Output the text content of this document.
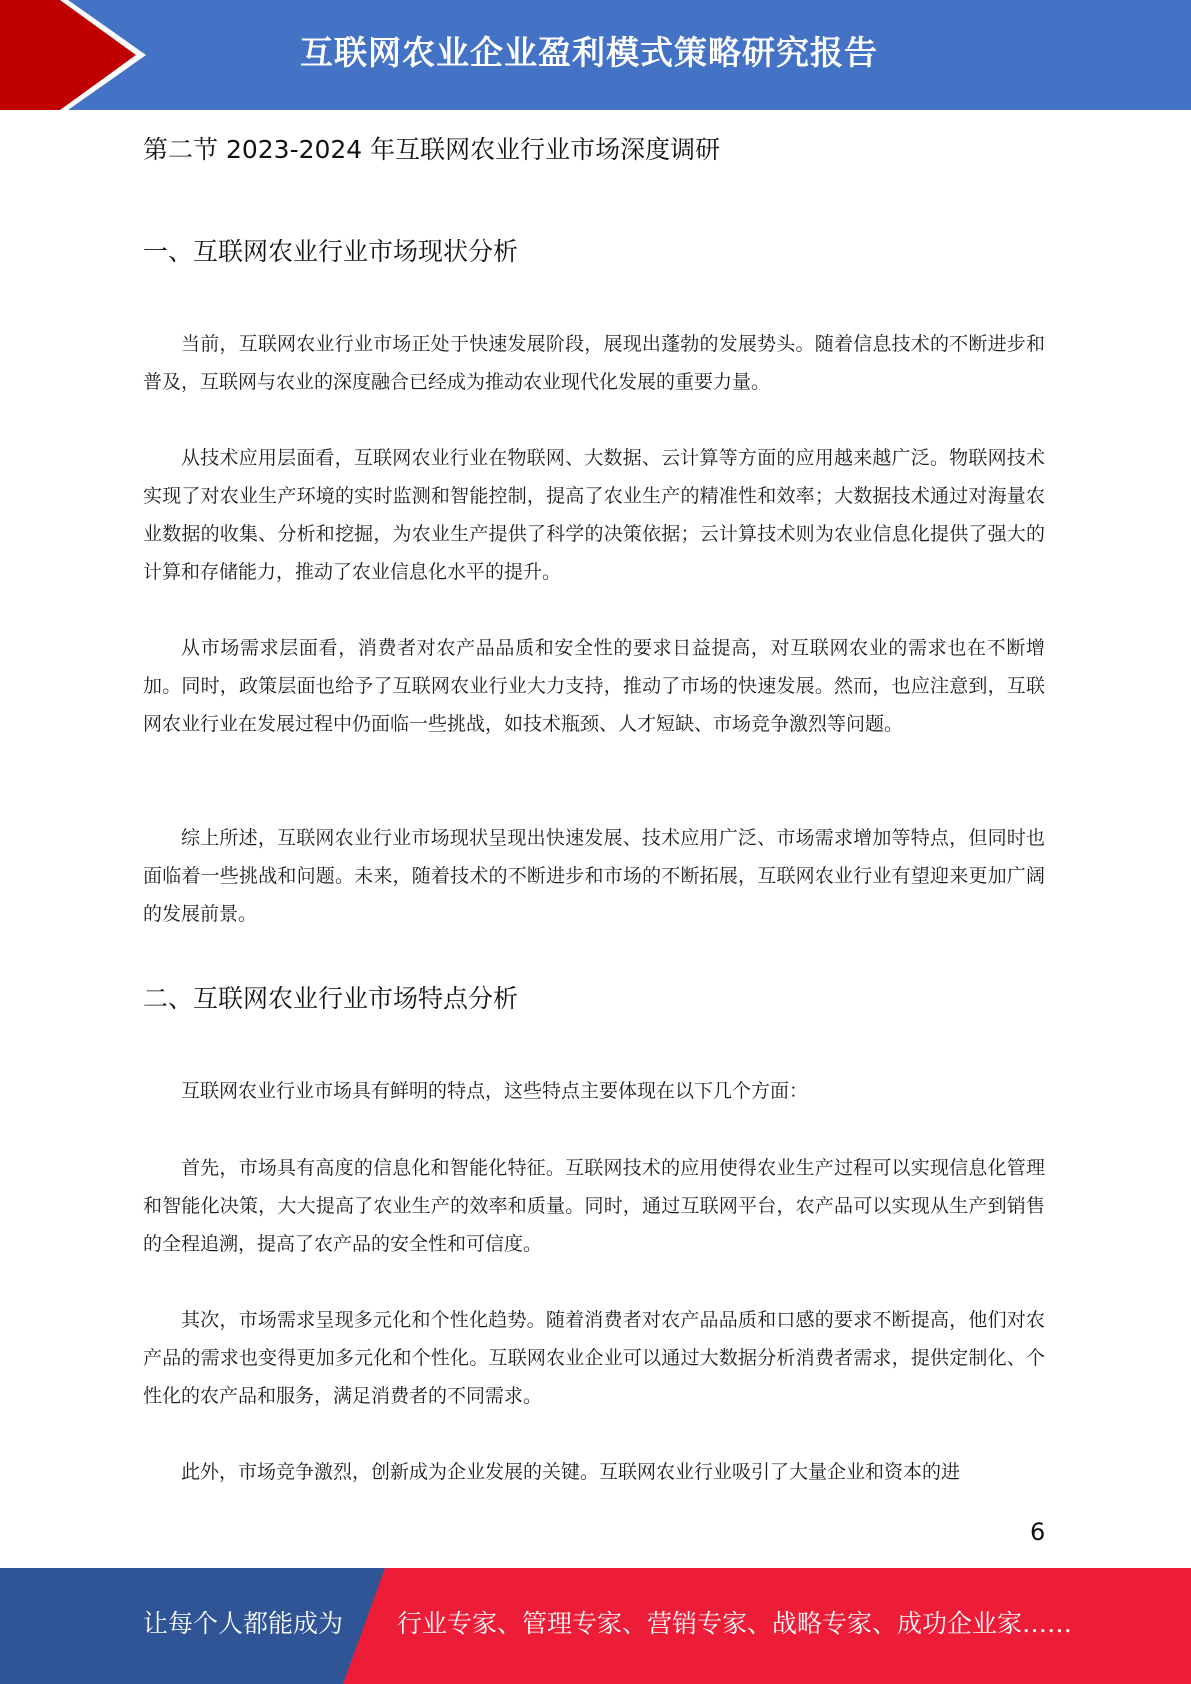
互联网农业企业盈利模式策略研究报告
第二节 2023-2024 年互联网农业行业市场深度调研
一、互联网农业行业市场现状分析

当前，互联网农业行业市场正处于快速发展阶段，展现出蓬勃的发展势头。随着信息技术的不断进步和普及，互联网与农业的深度融合已经成为推动农业现代化发展的重要力量。

从技术应用层面看，互联网农业行业在物联网、大数据、云计算等方面的应用越来越广泛。物联网技术实现了对农业生产环境的实时监测和智能控制，提高了农业生产的精准性和效率；大数据技术通过对海量农业数据的收集、分析和挖掘，为农业生产提供了科学的决策依据；云计算技术则为农业信息化提供了强大的计算和存储能力，推动了农业信息化水平的提升。

从市场需求层面看，消费者对农产品品质和安全性的要求日益提高，对互联网农业的需求也在不断增加。同时，政策层面也给予了互联网农业行业大力支持，推动了市场的快速发展。然而，也应注意到，互联网农业行业在发展过程中仍面临一些挑战，如技术瓶颈、人才短缺、市场竞争激烈等问题。

综上所述，互联网农业行业市场现状呈现出快速发展、技术应用广泛、市场需求增加等特点，但同时也面临着一些挑战和问题。未来，随着技术的不断进步和市场的不断拓展，互联网农业行业有望迎来更加广阔的发展前景。

二、互联网农业行业市场特点分析

互联网农业行业市场具有鲜明的特点，这些特点主要体现在以下几个方面：

首先，市场具有高度的信息化和智能化特征。互联网技术的应用使得农业生产过程可以实现信息化管理和智能化决策，大大提高了农业生产的效率和质量。同时，通过互联网平台，农产品可以实现从生产到销售的全程追溯，提高了农产品的安全性和可信度。

其次，市场需求呈现多元化和个性化趋势。随着消费者对农产品品质和口感的要求不断提高，他们对农产品的需求也变得更加多元化和个性化。互联网农业企业可以通过大数据分析消费者需求，提供定制化、个性化的农产品和服务，满足消费者的不同需求。

此外，市场竞争激烈，创新成为企业发展的关键。互联网农业行业吸引了大量企业和资本的进

6
让每个人都能成为 行业专家、管理专家、营销专家、战略专家、成功企业家……
